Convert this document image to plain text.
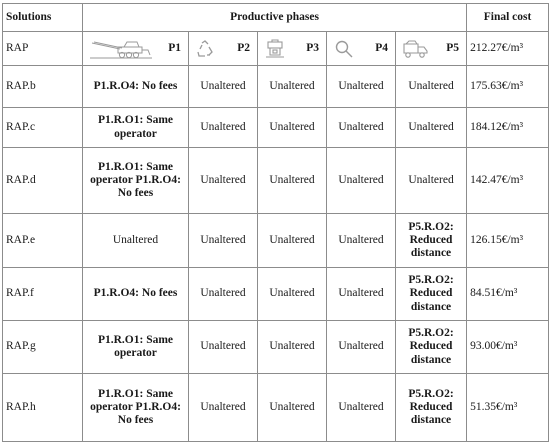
Solutions	Productive phases					Final cost
RAP	P1	P2	P3	P4	P5	212.27€/m³
RAP.b	P1.R.O4: No fees	Unaltered	Unaltered	Unaltered	Unaltered	175.63€/m³
RAP.c	P1.R.O1: Same operator	Unaltered	Unaltered	Unaltered	Unaltered	184.12€/m³
RAP.d	P1.R.O1: Same operator P1.R.O4: No fees	Unaltered	Unaltered	Unaltered	Unaltered	142.47€/m³
RAP.e	Unaltered	Unaltered	Unaltered	Unaltered	P5.R.O2: Reduced distance	126.15€/m³
RAP.f	P1.R.O4: No fees	Unaltered	Unaltered	Unaltered	P5.R.O2: Reduced distance	84.51€/m³
RAP.g	P1.R.O1: Same operator	Unaltered	Unaltered	Unaltered	P5.R.O2: Reduced distance	93.00€/m³
RAP.h	P1.R.O1: Same operator P1.R.O4: No fees	Unaltered	Unaltered	Unaltered	P5.R.O2: Reduced distance	51.35€/m³
